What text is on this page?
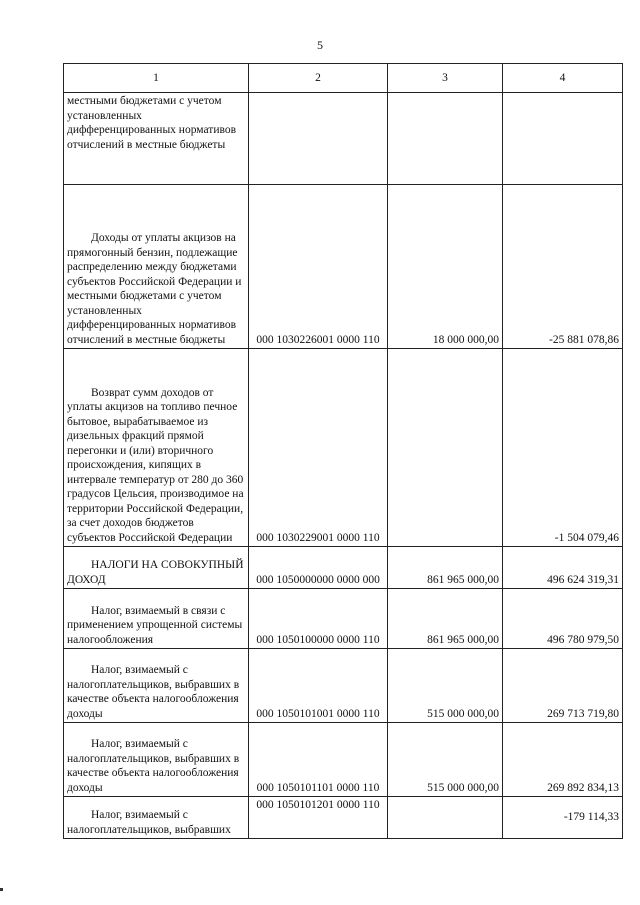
5
1	2	3	4

местными бюджетами с учетом установленных дифференцированных нормативов отчислений в местные бюджеты			

Доходы от уплаты акцизов на прямогонный бензин, подлежащие распределению между бюджетами субъектов Российской Федерации и местными бюджетами с учетом установленных дифференцированных нормативов отчислений в местные бюджеты	000 1030226001 0000 110	18 000 000,00	-25 881 078,86

Возврат сумм доходов от уплаты акцизов на топливо печное бытовое, вырабатываемое из дизельных фракций прямой перегонки и (или) вторичного происхождения, кипящих в интервале температур от 280 до 360 градусов Цельсия, производимое на территории Российской Федерации, за счет доходов бюджетов субъектов Российской Федерации	000 1030229001 0000 110		-1 504 079,46

НАЛОГИ НА СОВОКУПНЫЙ ДОХОД	000 1050000000 0000 000	861 965 000,00	496 624 319,31

Налог, взимаемый в связи с применением упрощенной системы налогообложения	000 1050100000 0000 110	861 965 000,00	496 780 979,50

Налог, взимаемый с налогоплательщиков, выбравших в качестве объекта налогообложения доходы	000 1050101001 0000 110	515 000 000,00	269 713 719,80

Налог, взимаемый с налогоплательщиков, выбравших в качестве объекта налогообложения доходы	000 1050101101 0000 110	515 000 000,00	269 892 834,13

Налог, взимаемый с налогоплательщиков, выбравших	000 1050101201 0000 110		-179 114,33
